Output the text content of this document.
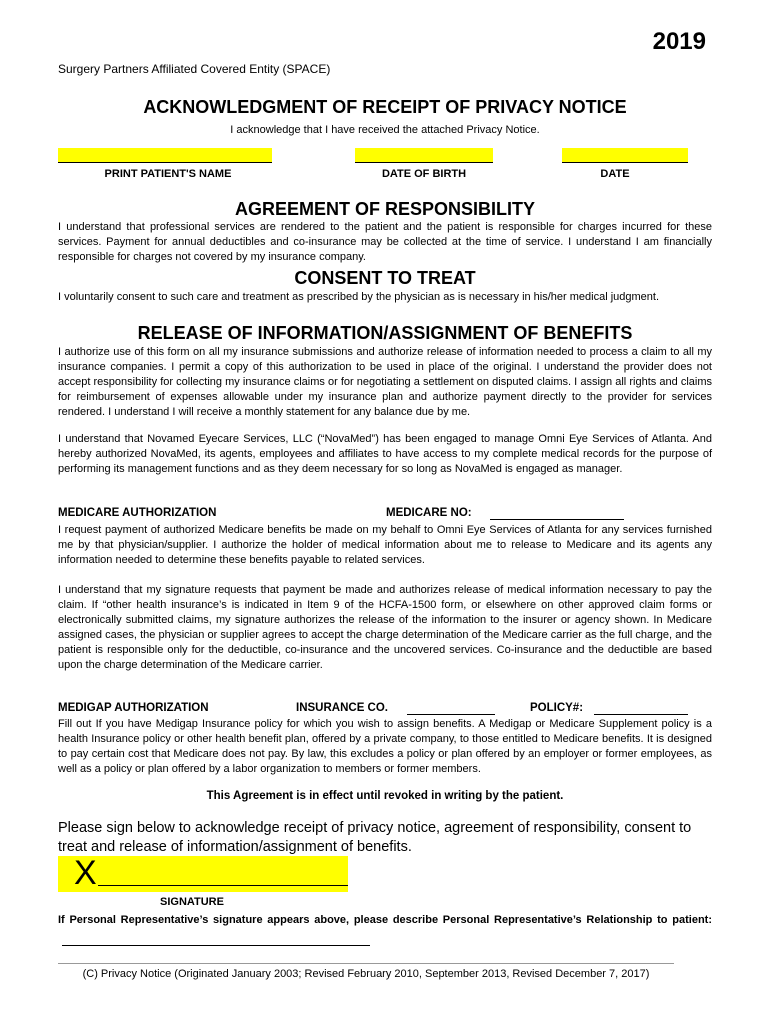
2019
Surgery Partners Affiliated Covered Entity (SPACE)
ACKNOWLEDGMENT OF RECEIPT OF PRIVACY NOTICE
I acknowledge that I have received the attached Privacy Notice.
PRINT PATIENT'S NAME	DATE OF BIRTH	DATE
AGREEMENT OF RESPONSIBILITY
I understand that professional services are rendered to the patient and the patient is responsible for charges incurred for these services. Payment for annual deductibles and co-insurance may be collected at the time of service. I understand I am financially responsible for charges not covered by my insurance company.
CONSENT TO TREAT
I voluntarily consent to such care and treatment as prescribed by the physician as is necessary in his/her medical judgment.
RELEASE OF INFORMATION/ASSIGNMENT OF BENEFITS
I authorize use of this form on all my insurance submissions and authorize release of information needed to process a claim to all my insurance companies. I permit a copy of this authorization to be used in place of the original. I understand the provider does not accept responsibility for collecting my insurance claims or for negotiating a settlement on disputed claims. I assign all rights and claims for reimbursement of expenses allowable under my insurance plan and authorize payment directly to the provider for services rendered. I understand I will receive a monthly statement for any balance due by me.
I understand that Novamed Eyecare Services, LLC (“NovaMed”) has been engaged to manage Omni Eye Services of Atlanta. And hereby authorized NovaMed, its agents, employees and affiliates to have access to my complete medical records for the purpose of performing its management functions and as they deem necessary for so long as NovaMed is engaged as manager.
MEDICARE AUTHORIZATION	MEDICARE NO:
I request payment of authorized Medicare benefits be made on my behalf to Omni Eye Services of Atlanta for any services furnished me by that physician/supplier. I authorize the holder of medical information about me to release to Medicare and its agents any information needed to determine these benefits payable to related services.
I understand that my signature requests that payment be made and authorizes release of medical information necessary to pay the claim. If “other health insurance’s is indicated in Item 9 of the HCFA-1500 form, or elsewhere on other approved claim forms or electronically submitted claims, my signature authorizes the release of the information to the insurer or agency shown. In Medicare assigned cases, the physician or supplier agrees to accept the charge determination of the Medicare carrier as the full charge, and the patient is responsible only for the deductible, co-insurance and the uncovered services. Co-insurance and the deductible are based upon the charge determination of the Medicare carrier.
MEDIGAP AUTHORIZATION	INSURANCE CO.	POLICY#:
Fill out If you have Medigap Insurance policy for which you wish to assign benefits. A Medigap or Medicare Supplement policy is a health Insurance policy or other health benefit plan, offered by a private company, to those entitled to Medicare benefits. It is designed to pay certain cost that Medicare does not pay. By law, this excludes a policy or plan offered by an employer or former employees, as well as a policy or plan offered by a labor organization to members or former members.
This Agreement is in effect until revoked in writing by the patient.
Please sign below to acknowledge receipt of privacy notice, agreement of responsibility, consent to treat and release of information/assignment of benefits.
X
SIGNATURE
If Personal Representative’s signature appears above, please describe Personal Representative’s Relationship to patient:
(C) Privacy Notice (Originated January 2003; Revised February 2010, September 2013, Revised December 7, 2017)
